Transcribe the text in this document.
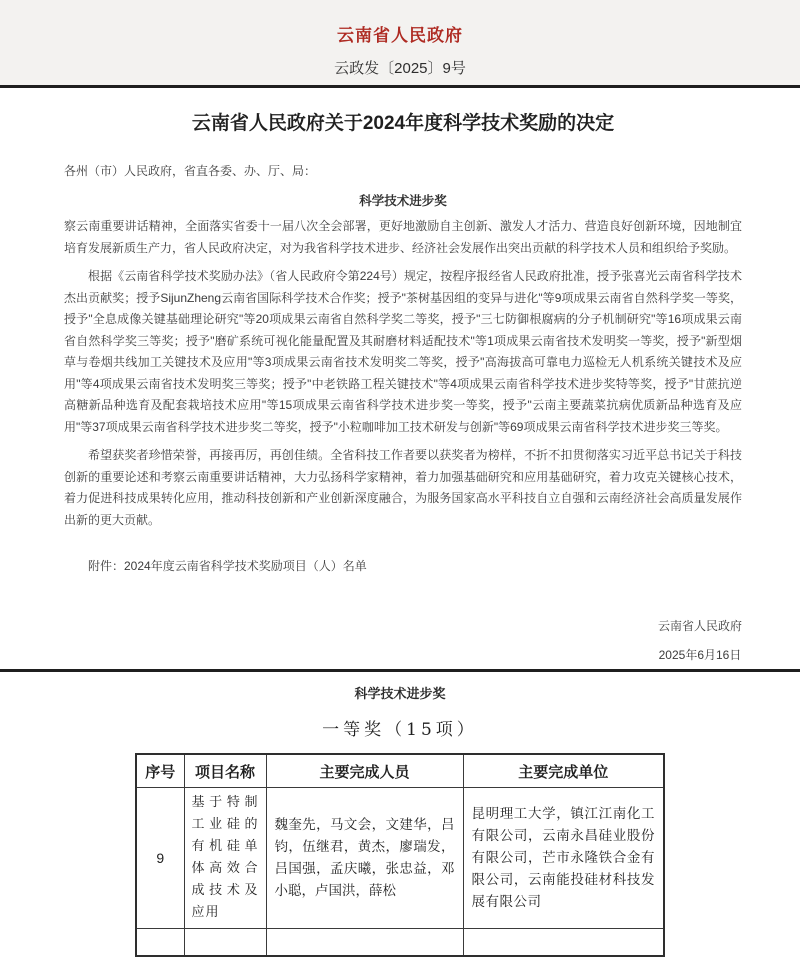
云南省人民政府
云政发〔2025〕9号
云南省人民政府关于2024年度科学技术奖励的决定

各州（市）人民政府，省直各委、办、厅、局：

科学技术进步奖

察云南重要讲话精神，全面落实省委十一届八次全会部署，更好地激励自主创新、激发人才活力、营造良好创新环境，因地制宜培育发展新质生产力，省人民政府决定，对为我省科学技术进步、经济社会发展作出突出贡献的科学技术人员和组织给予奖励。

根据《云南省科学技术奖励办法》（省人民政府令第224号）规定，按程序报经省人民政府批准，授予张喜光云南省科学技术杰出贡献奖；授予SijunZheng云南省国际科学技术合作奖；授予"茶树基因组的变异与进化"等9项成果云南省自然科学奖一等奖，授予"全息成像关键基础理论研究"等20项成果云南省自然科学奖二等奖，授予"三七防御根腐病的分子机制研究"等16项成果云南省自然科学奖三等奖；授予"磨矿系统可视化能量配置及其耐磨材料适配技术"等1项成果云南省技术发明奖一等奖，授予"新型烟草与卷烟共线加工关键技术及应用"等3项成果云南省技术发明奖二等奖，授予"高海拔高可靠电力巡检无人机系统关键技术及应用"等4项成果云南省技术发明奖三等奖；授予"中老铁路工程关键技术"等4项成果云南省科学技术进步奖特等奖，授予"甘蔗抗逆高糖新品种选育及配套栽培技术应用"等15项成果云南省科学技术进步奖一等奖，授予"云南主要蔬菜抗病优质新品种选育及应用"等37项成果云南省科学技术进步奖二等奖，授予"小粒咖啡加工技术研发与创新"等69项成果云南省科学技术进步奖三等奖。

希望获奖者珍惜荣誉，再接再厉，再创佳绩。全省科技工作者要以获奖者为榜样，不折不扣贯彻落实习近平总书记关于科技创新的重要论述和考察云南重要讲话精神，大力弘扬科学家精神，着力加强基础研究和应用基础研究，着力攻克关键核心技术，着力促进科技成果转化应用，推动科技创新和产业创新深度融合，为服务国家高水平科技自立自强和云南经济社会高质量发展作出新的更大贡献。

附件：2024年度云南省科学技术奖励项目（人）名单

云南省人民政府
2025年6月16日
科学技术进步奖
一等奖（15项）
序号	项目名称	主要完成人员	主要完成单位
9	基于特制工业硅的有机硅单体高效合成技术及应用	魏奎先，马文会，文建华，吕钧，伍继君，黄杰，廖瑞发，吕国强，孟庆曦，张忠益，邓小聪，卢国洪，薛松	昆明理工大学，镇江江南化工有限公司，云南永昌硅业股份有限公司，芒市永隆铁合金有限公司，云南能投硅材科技发展有限公司
